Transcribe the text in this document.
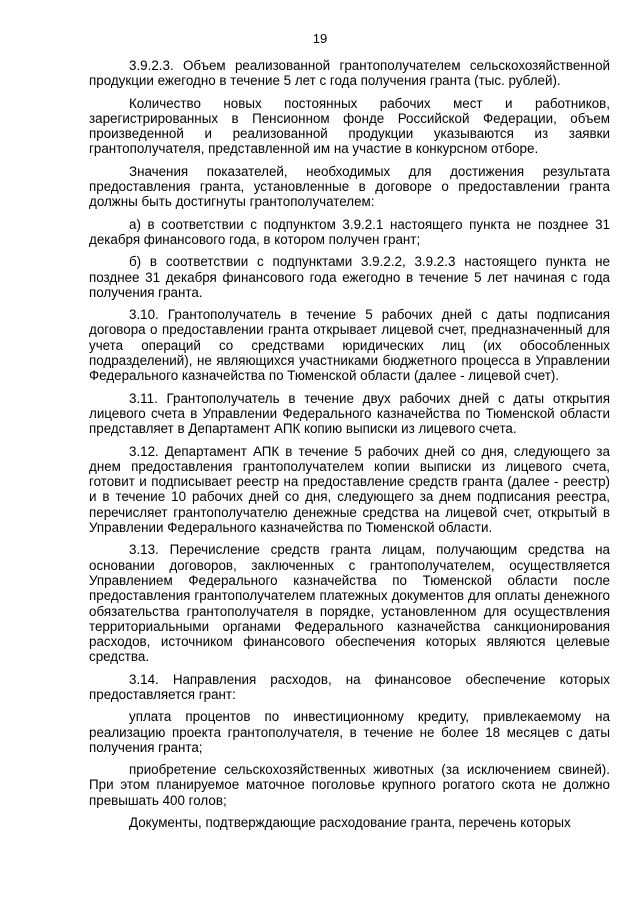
19

3.9.2.3. Объем реализованной грантополучателем сельскохозяйственной продукции ежегодно в течение 5 лет с года получения гранта (тыс. рублей).

Количество новых постоянных рабочих мест и работников, зарегистрированных в Пенсионном фонде Российской Федерации, объем произведенной и реализованной продукции указываются из заявки грантополучателя, представленной им на участие в конкурсном отборе.

Значения показателей, необходимых для достижения результата предоставления гранта, установленные в договоре о предоставлении гранта должны быть достигнуты грантополучателем:

а) в соответствии с подпунктом 3.9.2.1 настоящего пункта не позднее 31 декабря финансового года, в котором получен грант;

б) в соответствии с подпунктами 3.9.2.2, 3.9.2.3 настоящего пункта не позднее 31 декабря финансового года ежегодно в течение 5 лет начиная с года получения гранта.

3.10. Грантополучатель в течение 5 рабочих дней с даты подписания договора о предоставлении гранта открывает лицевой счет, предназначенный для учета операций со средствами юридических лиц (их обособленных подразделений), не являющихся участниками бюджетного процесса в Управлении Федерального казначейства по Тюменской области (далее - лицевой счет).

3.11. Грантополучатель в течение двух рабочих дней с даты открытия лицевого счета в Управлении Федерального казначейства по Тюменской области представляет в Департамент АПК копию выписки из лицевого счета.

3.12. Департамент АПК в течение 5 рабочих дней со дня, следующего за днем предоставления грантополучателем копии выписки из лицевого счета, готовит и подписывает реестр на предоставление средств гранта (далее - реестр) и в течение 10 рабочих дней со дня, следующего за днем подписания реестра, перечисляет грантополучателю денежные средства на лицевой счет, открытый в Управлении Федерального казначейства по Тюменской области.

3.13. Перечисление средств гранта лицам, получающим средства на основании договоров, заключенных с грантополучателем, осуществляется Управлением Федерального казначейства по Тюменской области после предоставления грантополучателем платежных документов для оплаты денежного обязательства грантополучателя в порядке, установленном для осуществления территориальными органами Федерального казначейства санкционирования расходов, источником финансового обеспечения которых являются целевые средства.

3.14. Направления расходов, на финансовое обеспечение которых предоставляется грант:

уплата процентов по инвестиционному кредиту, привлекаемому на реализацию проекта грантополучателя, в течение не более 18 месяцев с даты получения гранта;

приобретение сельскохозяйственных животных (за исключением свиней). При этом планируемое маточное поголовье крупного рогатого скота не должно превышать 400 голов;

Документы, подтверждающие расходование гранта, перечень которых
